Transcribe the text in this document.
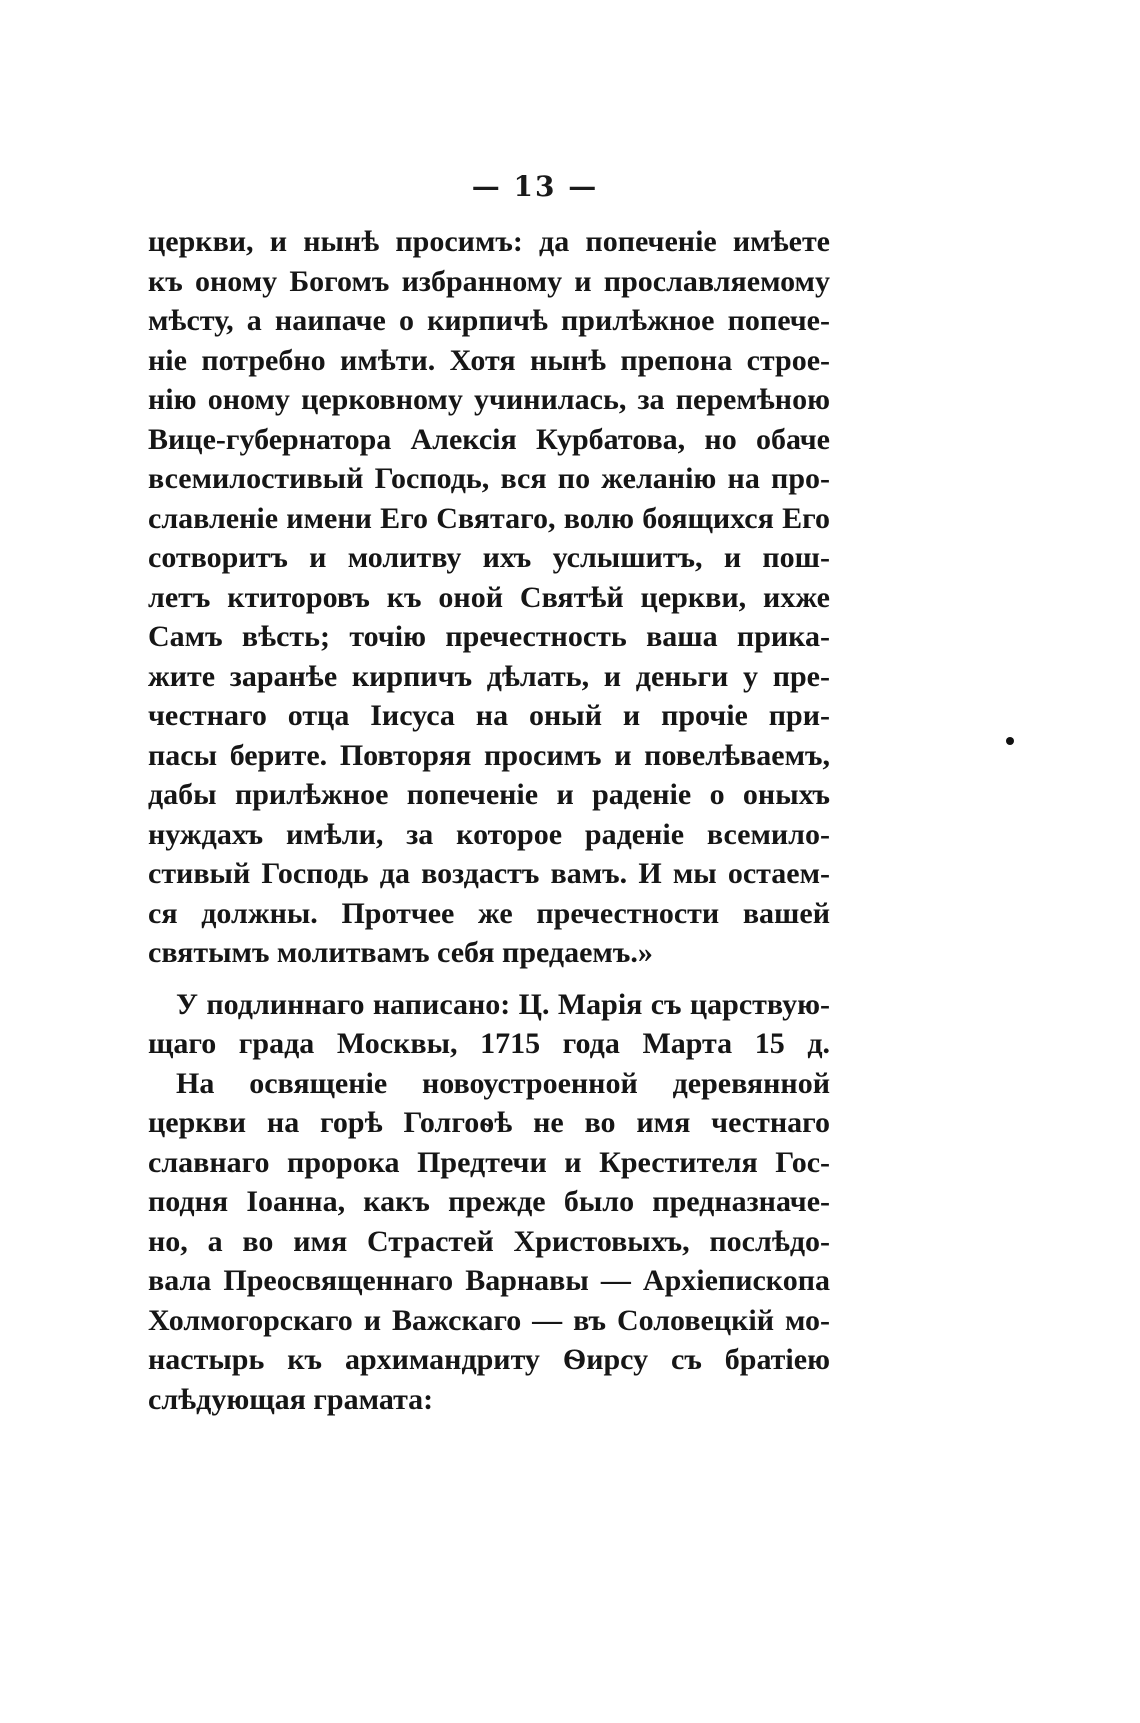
— 13 —
церкви, и нынѣ просимъ: да попеченіе имѣете
къ оному Богомъ избранному и прославляемому
мѣсту, а наипаче о кирпичѣ прилѣжное попече-
ніе потребно имѣти. Хотя нынѣ препона строе-
нію оному церковному учинилась, за перемѣною
Вице-губернатора Алексія Курбатова, но обаче
всемилостивый Господь, вся по желанію на про-
славленіе имени Его Святаго, волю боящихся Его
сотворитъ и молитву ихъ услышитъ, и пош-
летъ ктиторовъ къ оной Святѣй церкви, ихже
Самъ вѣсть; точію пречестность ваша прика-
жите заранѣе кирпичъ дѣлать, и деньги у пре-
честнаго отца Іисуса на оный и прочіе при-
пасы берите. Повторяя просимъ и повелѣваемъ,
дабы прилѣжное попеченіе и раденіе о оныхъ
нуждахъ имѣли, за которое раденіе всемило-
стивый Господь да воздастъ вамъ. И мы остаем-
ся должны. Протчее же пречестности вашей
святымъ молитвамъ себя предаемъ.»
У подлиннаго написано: Ц. Марія съ царствую-
щаго града Москвы, 1715 года Марта 15 д.
На освященіе новоустроенной деревянной
церкви на горѣ Голгоѳѣ не во имя честнаго
славнаго пророка Предтечи и Крестителя Гос-
подня Іоанна, какъ прежде было предназначе-
но, а во имя Страстей Христовыхъ, послѣдо-
вала Преосвященнаго Варнавы — Архіепископа
Холмогорскаго и Важскаго — въ Соловецкій мо-
настырь къ архимандриту Ѳирсу съ братіею
слѣдующая грамата:
